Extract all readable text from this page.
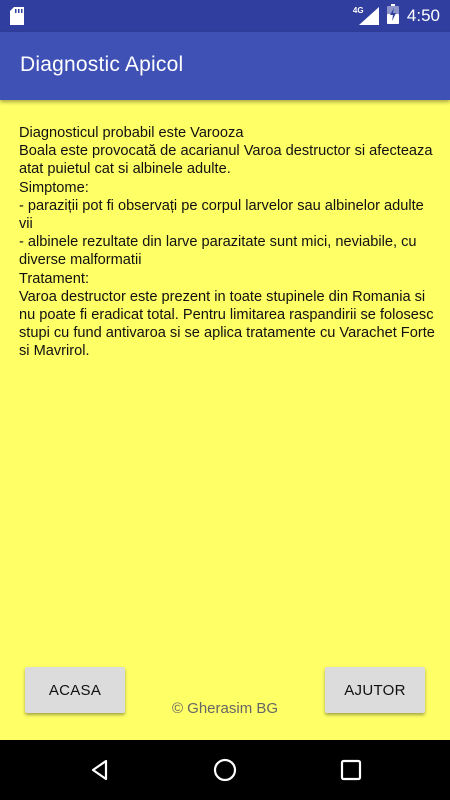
4G	4:50
Diagnostic Apicol
Diagnosticul probabil este Varooza
Boala este provocată de acarianul Varoa destructor si afecteaza atat puietul cat si albinele adulte.
Simptome:
- paraziții pot fi observați pe corpul larvelor sau albinelor adulte vii
- albinele rezultate din larve parazitate sunt mici, neviabile, cu diverse malformatii
Tratament:
Varoa destructor este prezent in toate stupinele din Romania si nu poate fi eradicat total. Pentru limitarea raspandirii se folosesc stupi cu fund antivaroa si se aplica tratamente cu Varachet Forte si Mavrirol.
ACASA
© Gherasim BG
AJUTOR
